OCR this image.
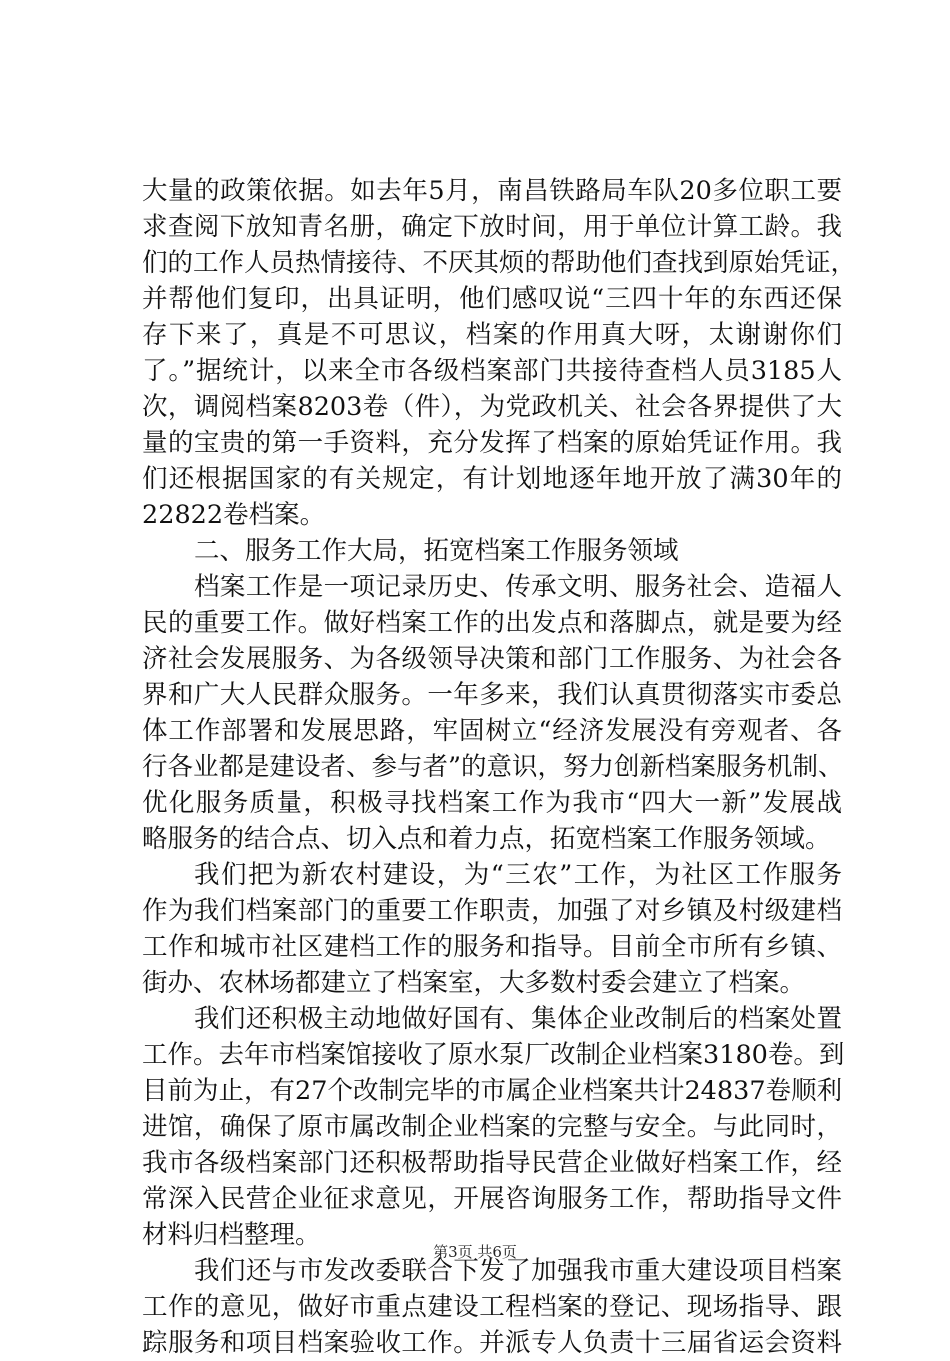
大量的政策依据。如去年5月，南昌铁路局车队20多位职工要
求查阅下放知青名册，确定下放时间，用于单位计算工龄。我
们的工作人员热情接待、不厌其烦的帮助他们查找到原始凭证，
并帮他们复印，出具证明，他们感叹说“三四十年的东西还保
存下来了，真是不可思议，档案的作用真大呀，太谢谢你们
了。”据统计，以来全市各级档案部门共接待查档人员3185人
次，调阅档案8203卷（件），为党政机关、社会各界提供了大
量的宝贵的第一手资料，充分发挥了档案的原始凭证作用。我
们还根据国家的有关规定，有计划地逐年地开放了满30年的
22822卷档案。
二、服务工作大局，拓宽档案工作服务领域
档案工作是一项记录历史、传承文明、服务社会、造福人
民的重要工作。做好档案工作的出发点和落脚点，就是要为经
济社会发展服务、为各级领导决策和部门工作服务、为社会各
界和广大人民群众服务。一年多来，我们认真贯彻落实市委总
体工作部署和发展思路，牢固树立“经济发展没有旁观者、各
行各业都是建设者、参与者”的意识，努力创新档案服务机制、
优化服务质量，积极寻找档案工作为我市“四大一新”发展战
略服务的结合点、切入点和着力点，拓宽档案工作服务领域。
我们把为新农村建设，为“三农”工作，为社区工作服务
作为我们档案部门的重要工作职责，加强了对乡镇及村级建档
工作和城市社区建档工作的服务和指导。目前全市所有乡镇、
街办、农林场都建立了档案室，大多数村委会建立了档案。
我们还积极主动地做好国有、集体企业改制后的档案处置
工作。去年市档案馆接收了原水泵厂改制企业档案3180卷。到
目前为止，有27个改制完毕的市属企业档案共计24837卷顺利
进馆，确保了原市属改制企业档案的完整与安全。与此同时，
我市各级档案部门还积极帮助指导民营企业做好档案工作，经
常深入民营企业征求意见，开展咨询服务工作，帮助指导文件
材料归档整理。
我们还与市发改委联合下发了加强我市重大建设项目档案
工作的意见，做好市重点建设工程档案的登记、现场指导、跟
踪服务和项目档案验收工作。并派专人负责十三届省运会资料
第3页 共6页
